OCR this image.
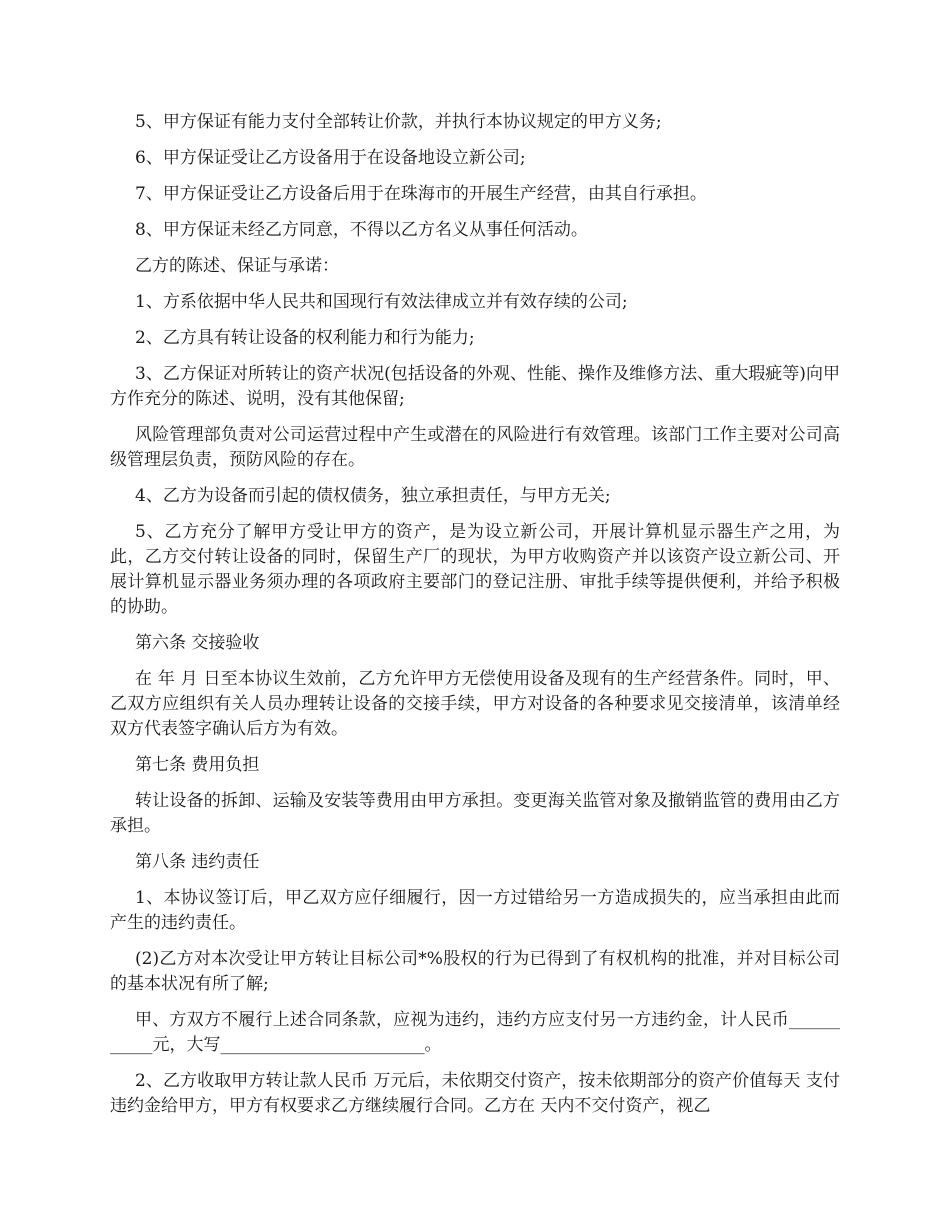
5、甲方保证有能力支付全部转让价款，并执行本协议规定的甲方义务;

6、甲方保证受让乙方设备用于在设备地设立新公司;

7、甲方保证受让乙方设备后用于在珠海市的开展生产经营，由其自行承担。

8、甲方保证未经乙方同意，不得以乙方名义从事任何活动。

乙方的陈述、保证与承诺：

1、方系依据中华人民共和国现行有效法律成立并有效存续的公司;

2、乙方具有转让设备的权利能力和行为能力;

3、乙方保证对所转让的资产状况(包括设备的外观、性能、操作及维修方法、重大瑕疵等)向甲方作充分的陈述、说明，没有其他保留;

风险管理部负责对公司运营过程中产生或潜在的风险进行有效管理。该部门工作主要对公司高级管理层负责，预防风险的存在。

4、乙方为设备而引起的债权债务，独立承担责任，与甲方无关;

5、乙方充分了解甲方受让甲方的资产，是为设立新公司，开展计算机显示器生产之用，为此，乙方交付转让设备的同时，保留生产厂的现状，为甲方收购资产并以该资产设立新公司、开展计算机显示器业务须办理的各项政府主要部门的登记注册、审批手续等提供便利，并给予积极的协助。

第六条 交接验收

在 年 月 日至本协议生效前，乙方允许甲方无偿使用设备及现有的生产经营条件。同时，甲、乙双方应组织有关人员办理转让设备的交接手续，甲方对设备的各种要求见交接清单，该清单经双方代表签字确认后方为有效。

第七条 费用负担

转让设备的拆卸、运输及安装等费用由甲方承担。变更海关监管对象及撤销监管的费用由乙方承担。

第八条 违约责任

1、本协议签订后，甲乙双方应仔细履行，因一方过错给另一方造成损失的，应当承担由此而产生的违约责任。

(2)乙方对本次受让甲方转让目标公司*%股权的行为已得到了有权机构的批准，并对目标公司的基本状况有所了解;

甲、方双方不履行上述合同条款，应视为违约，违约方应支付另一方违约金，计人民币___________元，大写________________________。

2、乙方收取甲方转让款人民币 万元后，未依期交付资产，按未依期部分的资产价值每天 支付违约金给甲方，甲方有权要求乙方继续履行合同。乙方在 天内不交付资产，视乙
